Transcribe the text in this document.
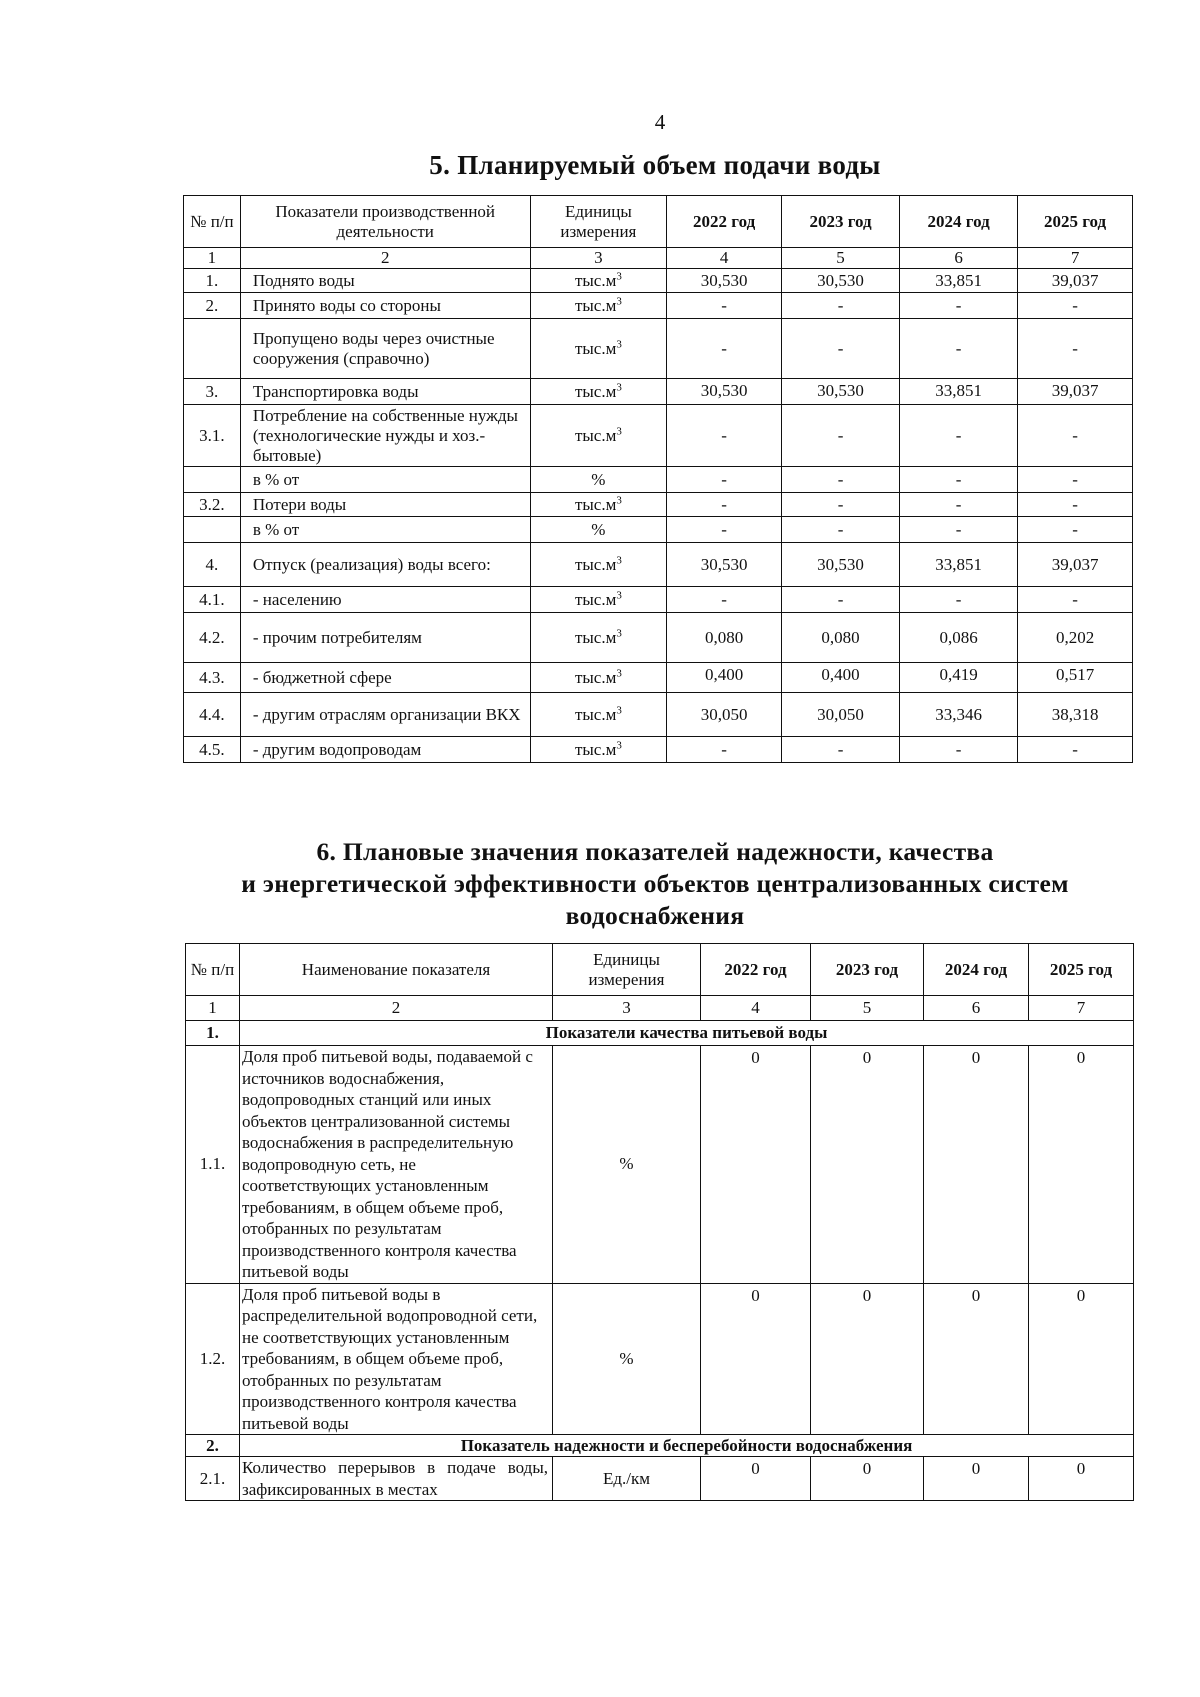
4
5. Планируемый объем подачи воды
№ п/п	Показатели производственной деятельности	Единицы измерения	2022 год	2023 год	2024 год	2025 год
1	2	3	4	5	6	7
1.	Поднято воды	$тыс.м^3$	30,530	30,530	33,851	39,037
2.	Принято воды со стороны	$тыс.м^3$	-	-	-	-
	Пропущено воды через очистные сооружения (справочно)	$тыс.м^3$	-	-	-	-
3.	Транспортировка воды	$тыс.м^3$	30,530	30,530	33,851	39,037
3.1.	Потребление на собственные нужды (технологические нужды и хоз.-бытовые)	$тыс.м^3$	-	-	-	-
	в % от	%	-	-	-	-
3.2.	Потери воды	$тыс.м^3$	-	-	-	-
	в % от	%	-	-	-	-
4.	Отпуск (реализация) воды всего:	$тыс.м^3$	30,530	30,530	33,851	39,037
4.1.	- населению	$тыс.м^3$	-	-	-	-
4.2.	- прочим потребителям	$тыс.м^3$	0,080	0,080	0,086	0,202
4.3.	- бюджетной сфере	$тыс.м^3$	0,400	0,400	0,419	0,517
4.4.	- другим отраслям организации ВКХ	$тыс.м^3$	30,050	30,050	33,346	38,318
4.5.	- другим водопроводам	$тыс.м^3$	-	-	-	-
6. Плановые значения показателей надежности, качества
и энергетической эффективности объектов централизованных систем
водоснабжения
№ п/п	Наименование показателя	Единицы измерения	2022 год	2023 год	2024 год	2025 год
1	2	3	4	5	6	7
1.	Показатели качества питьевой воды					
1.1.	Доля проб питьевой воды, подаваемой с источников водоснабжения, водопроводных станций или иных объектов централизованной системы водоснабжения в распределительную водопроводную сеть, не соответствующих установленным требованиям, в общем объеме проб, отобранных по результатам производственного контроля качества питьевой воды	%	0	0	0	0
1.2.	Доля проб питьевой воды в распределительной водопроводной сети, не соответствующих установленным требованиям, в общем объеме проб, отобранных по результатам производственного контроля качества питьевой воды	%	0	0	0	0
2.	Показатель надежности и бесперебойности водоснабжения					
2.1.	Количество перерывов в подаче воды, зафиксированных в местах	Ед./км	0	0	0	0
